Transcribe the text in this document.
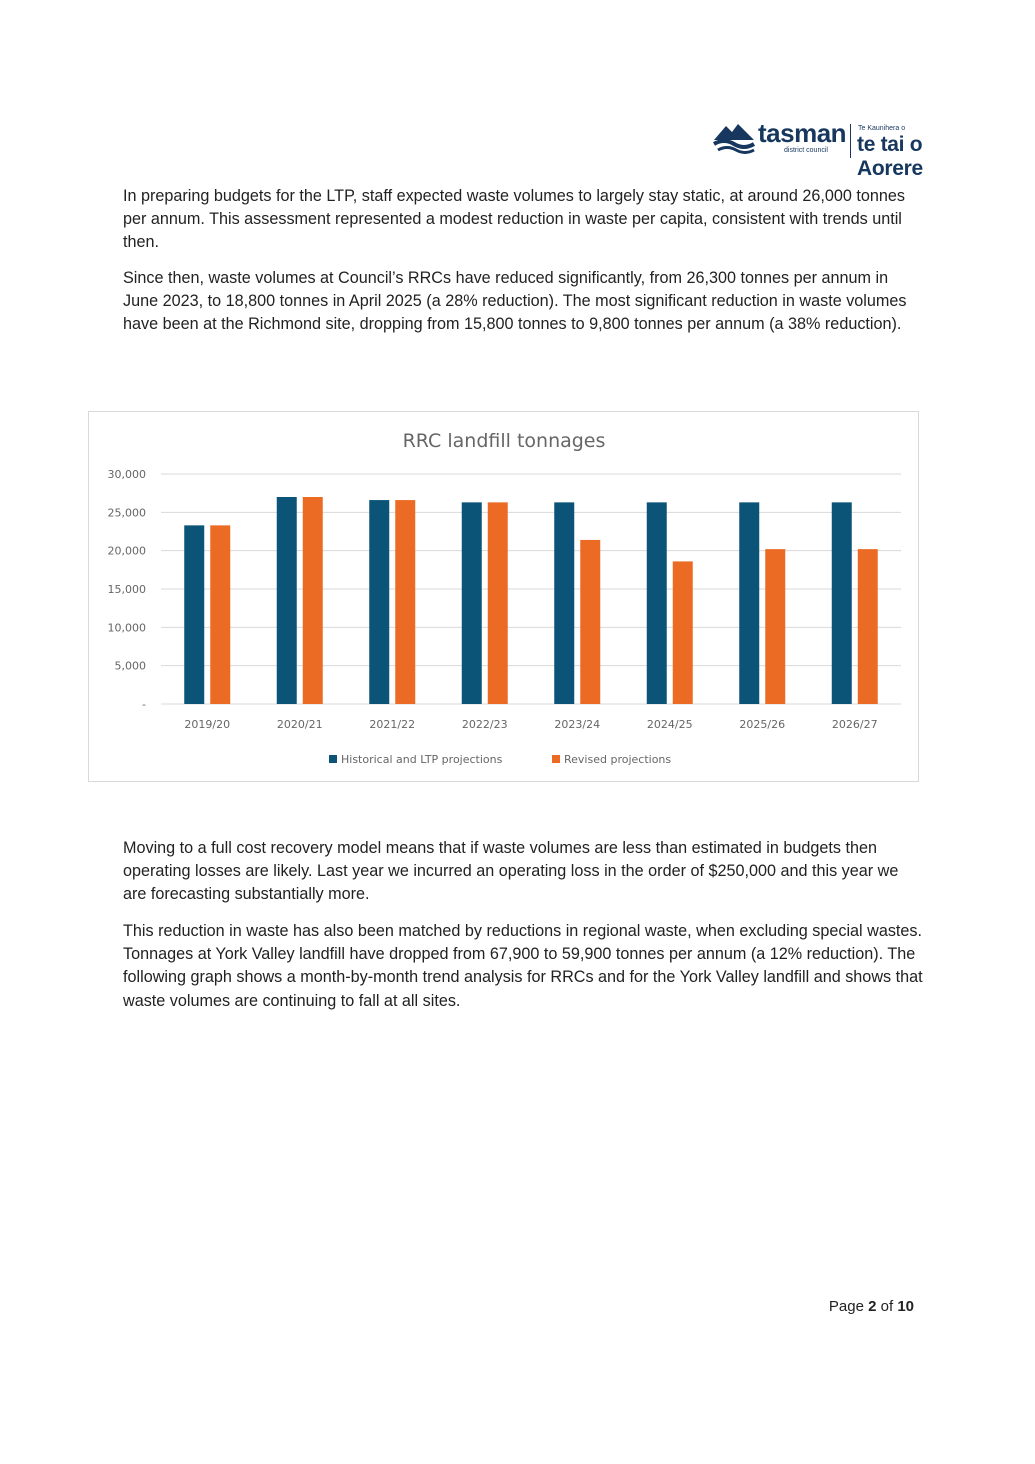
tasman
district council
Te Kaunihera o
te tai o Aorere

In preparing budgets for the LTP, staff expected waste volumes to largely stay static, at around 26,000 tonnes per annum. This assessment represented a modest reduction in waste per capita, consistent with trends until then.

Since then, waste volumes at Council’s RRCs have reduced significantly, from 26,300 tonnes per annum in June 2023, to 18,800 tonnes in April 2025 (a 28% reduction). The most significant reduction in waste volumes have been at the Richmond site, dropping from 15,800 tonnes to 9,800 tonnes per annum (a 38% reduction).

RRC landfill tonnages
-
5,000
10,000
15,000
20,000
25,000
30,000
2019/20	2020/21	2021/22	2022/23	2023/24	2024/25	2025/26	2026/27
Historical and LTP projections	Revised projections

Moving to a full cost recovery model means that if waste volumes are less than estimated in budgets then operating losses are likely. Last year we incurred an operating loss in the order of $250,000 and this year we are forecasting substantially more.

This reduction in waste has also been matched by reductions in regional waste, when excluding special wastes. Tonnages at York Valley landfill have dropped from 67,900 to 59,900 tonnes per annum (a 12% reduction). The following graph shows a month-by-month trend analysis for RRCs and for the York Valley landfill and shows that waste volumes are continuing to fall at all sites.

Page 2 of 10
